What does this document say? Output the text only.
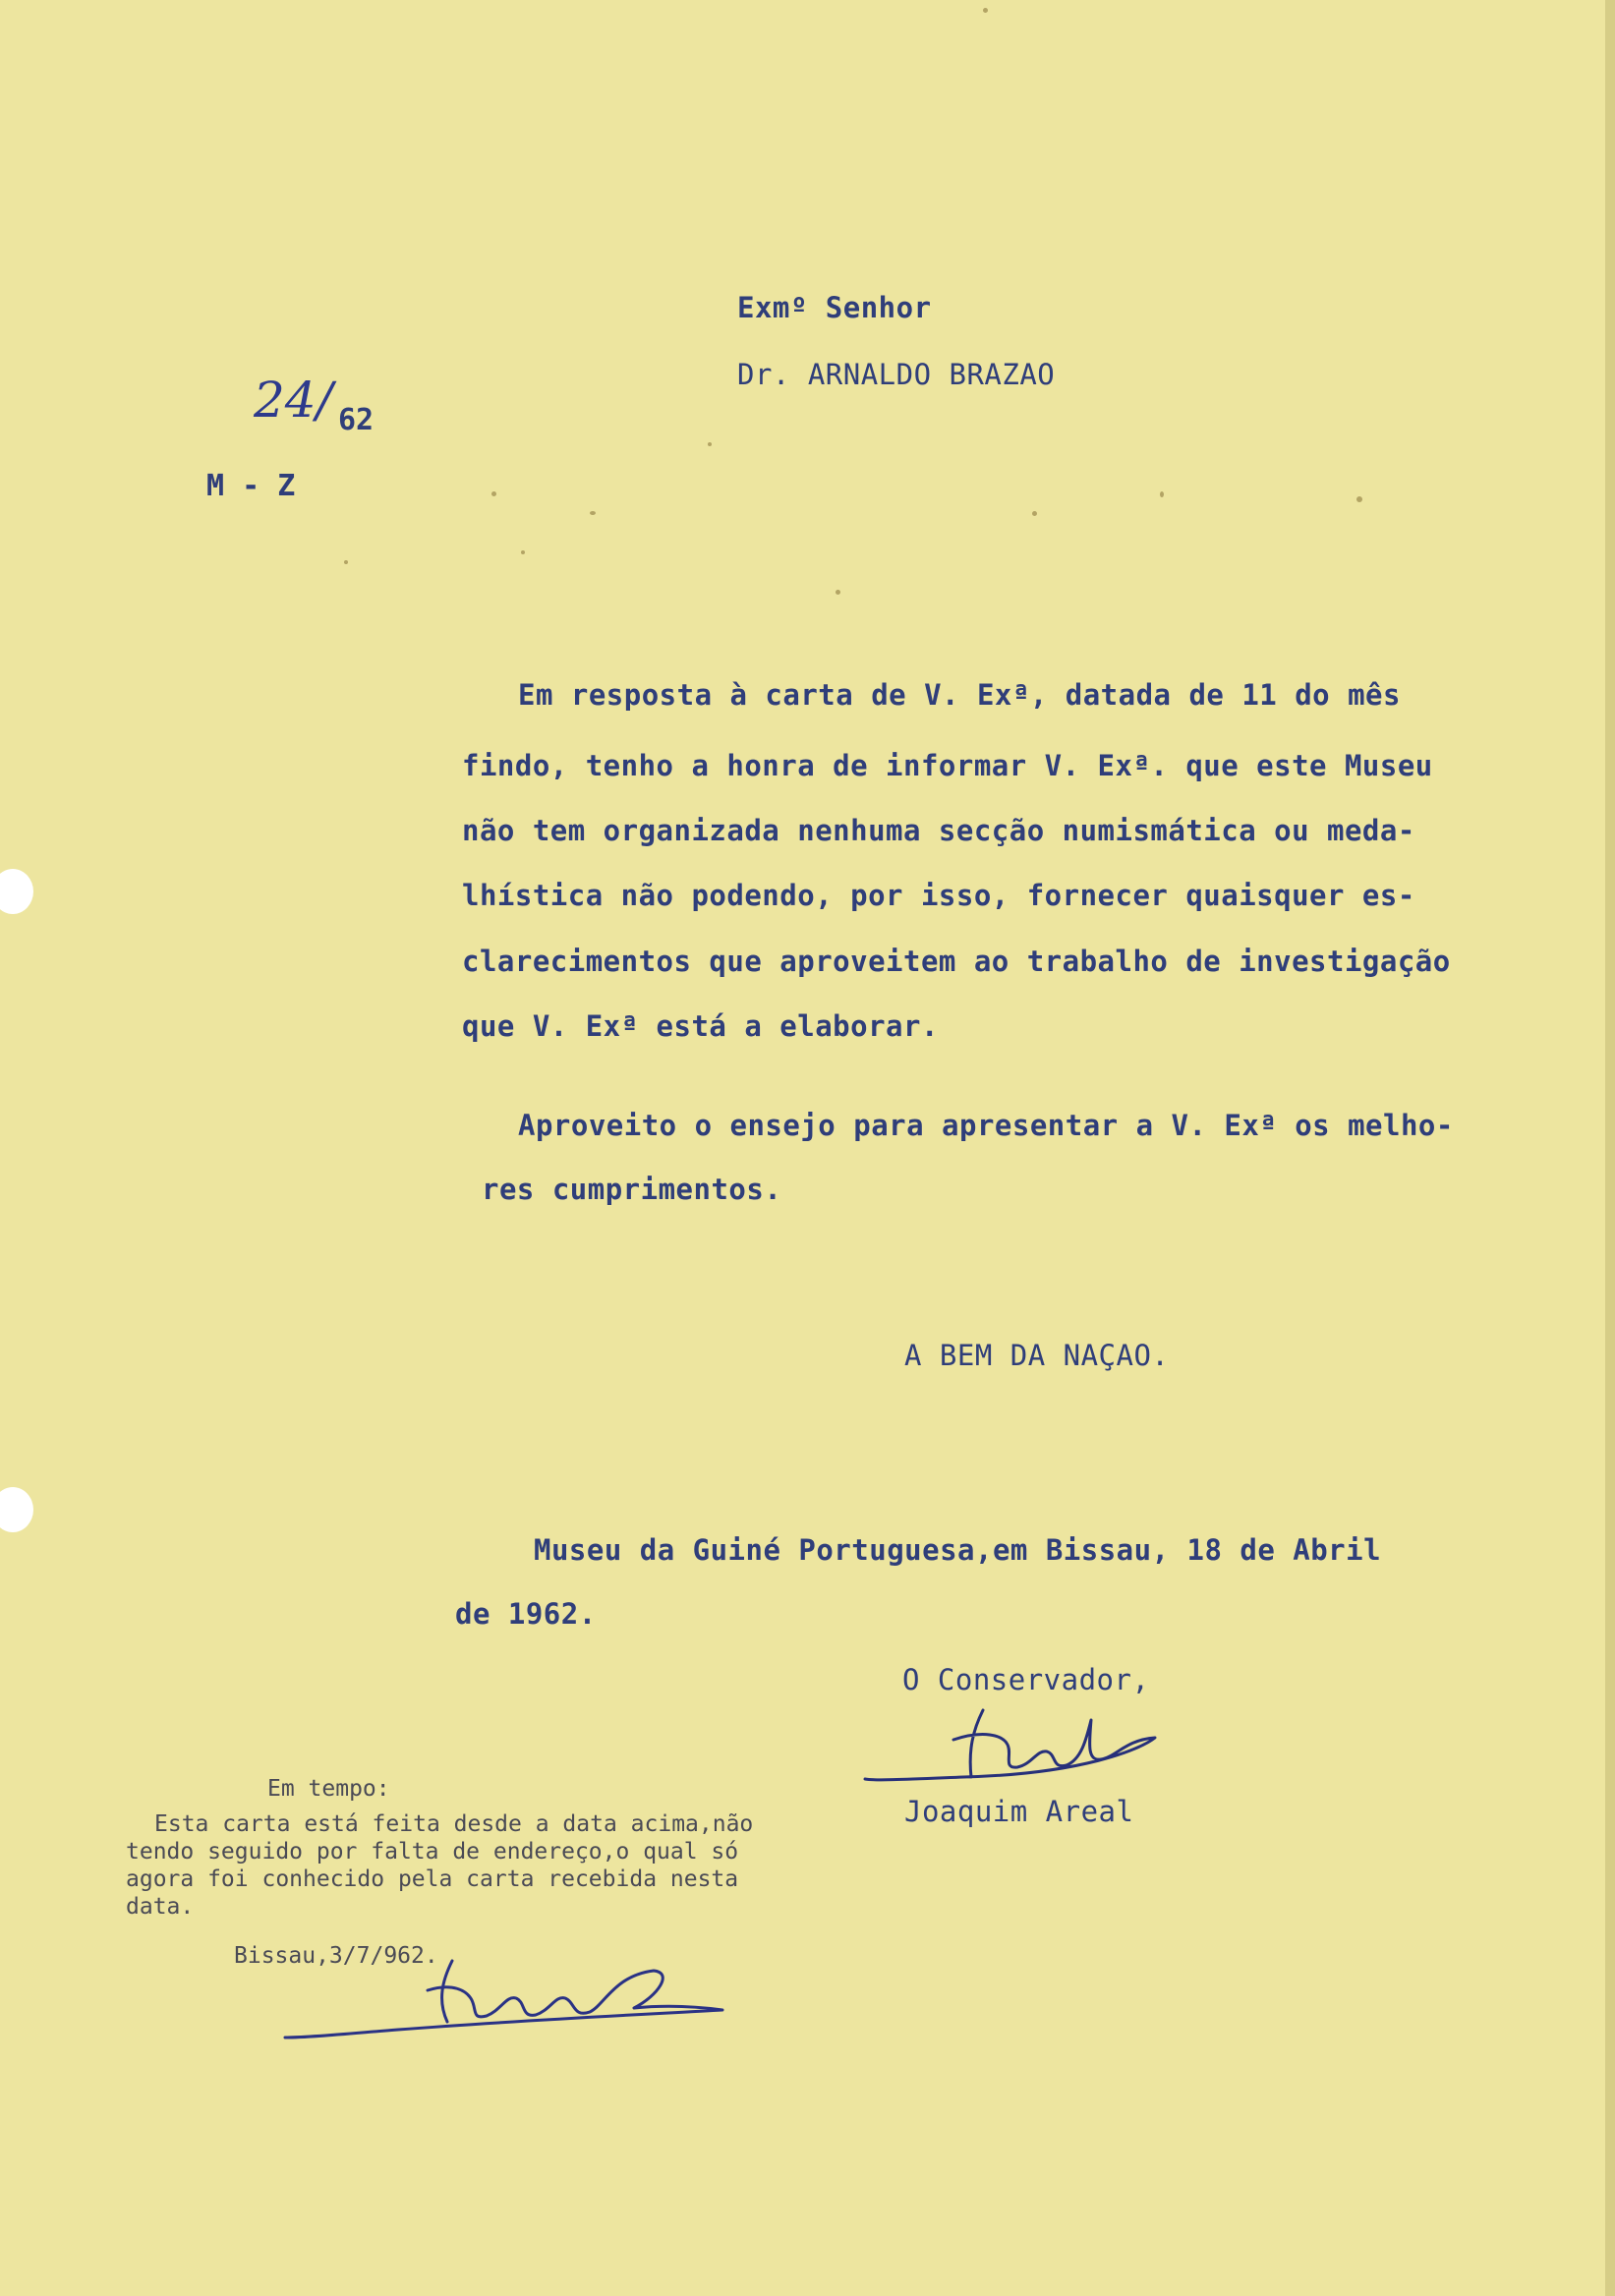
24/ 62
M - Z
Exmº Senhor
Dr. ARNALDO BRAZAO
Em resposta à carta de V. Exª, datada de 11 do mês
findo, tenho a honra de informar V. Exª. que este Museu
não tem organizada nenhuma secção numismática ou meda-
lhística não podendo, por isso, fornecer quaisquer es-
clarecimentos que aproveitem ao trabalho de investigação
que V. Exª está a elaborar.
Aproveito o ensejo para apresentar a V. Exª os melho-
res cumprimentos.
A BEM DA NAÇAO.
Museu da Guiné Portuguesa,em Bissau, 18 de Abril
de 1962.
O Conservador,
Joaquim Areal
Em tempo:
Esta carta está feita desde a data acima,não
tendo seguido por falta de endereço,o qual só
agora foi conhecido pela carta recebida nesta
data.
Bissau,3/7/962.
